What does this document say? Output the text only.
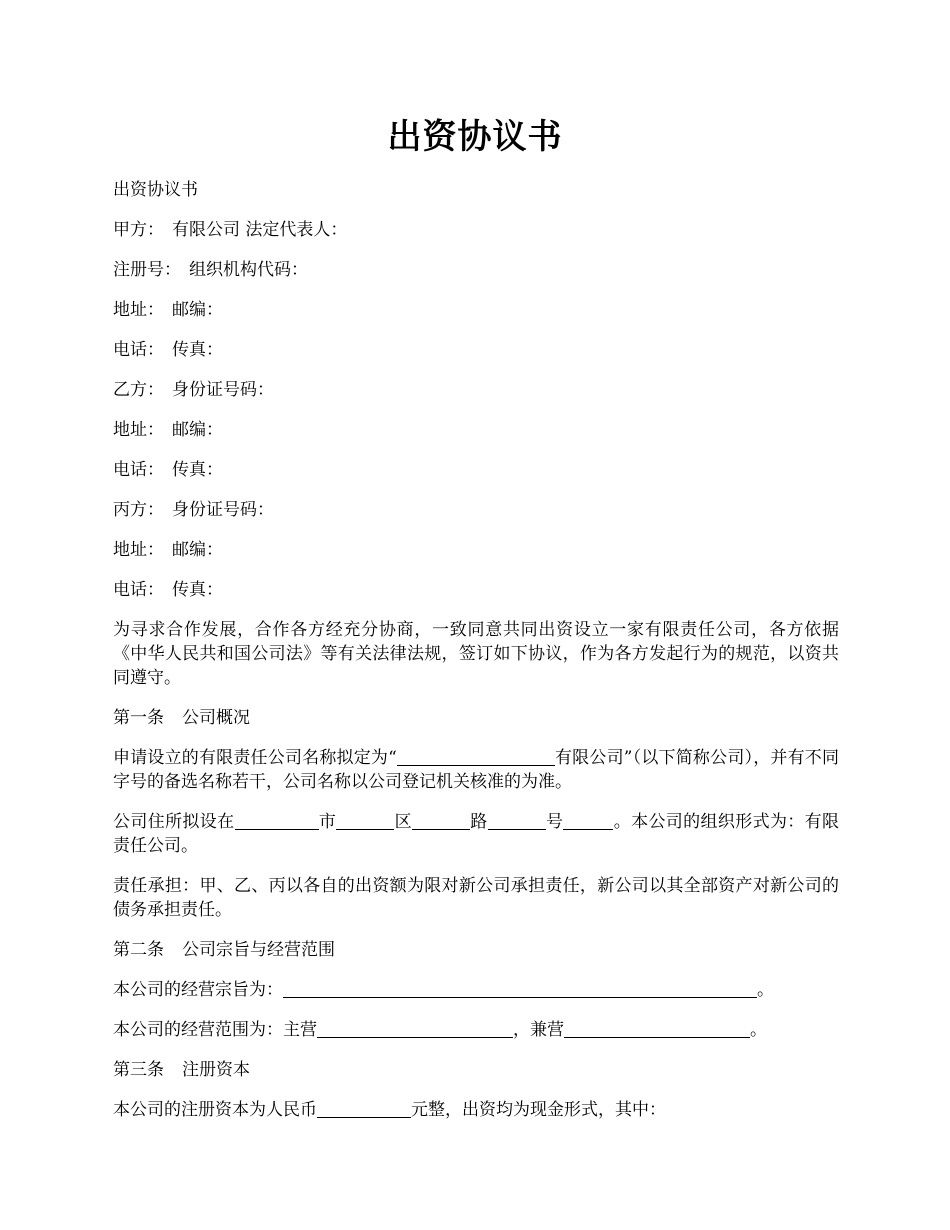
出资协议书

出资协议书

甲方： 有限公司 法定代表人：

注册号： 组织机构代码：

地址： 邮编：

电话： 传真：

乙方： 身份证号码：

地址： 邮编：

电话： 传真：

丙方： 身份证号码：

地址： 邮编：

电话： 传真：

为寻求合作发展，合作各方经充分协商，一致同意共同出资设立一家有限责任公司，各方依据《中华人民共和国公司法》等有关法律法规，签订如下协议，作为各方发起行为的规范，以资共同遵守。

第一条 公司概况

申请设立的有限责任公司名称拟定为“	有限公司”（以下简称公司），并有不同字号的备选名称若干，公司名称以公司登记机关核准的为准。

公司住所拟设在	市	区	路	号	。本公司的组织形式为：有限责任公司。

责任承担：甲、乙、丙以各自的出资额为限对新公司承担责任，新公司以其全部资产对新公司的债务承担责任。

第二条 公司宗旨与经营范围

本公司的经营宗旨为：	。

本公司的经营范围为：主营	，兼营	。

第三条 注册资本

本公司的注册资本为人民币	元整，出资均为现金形式，其中：
